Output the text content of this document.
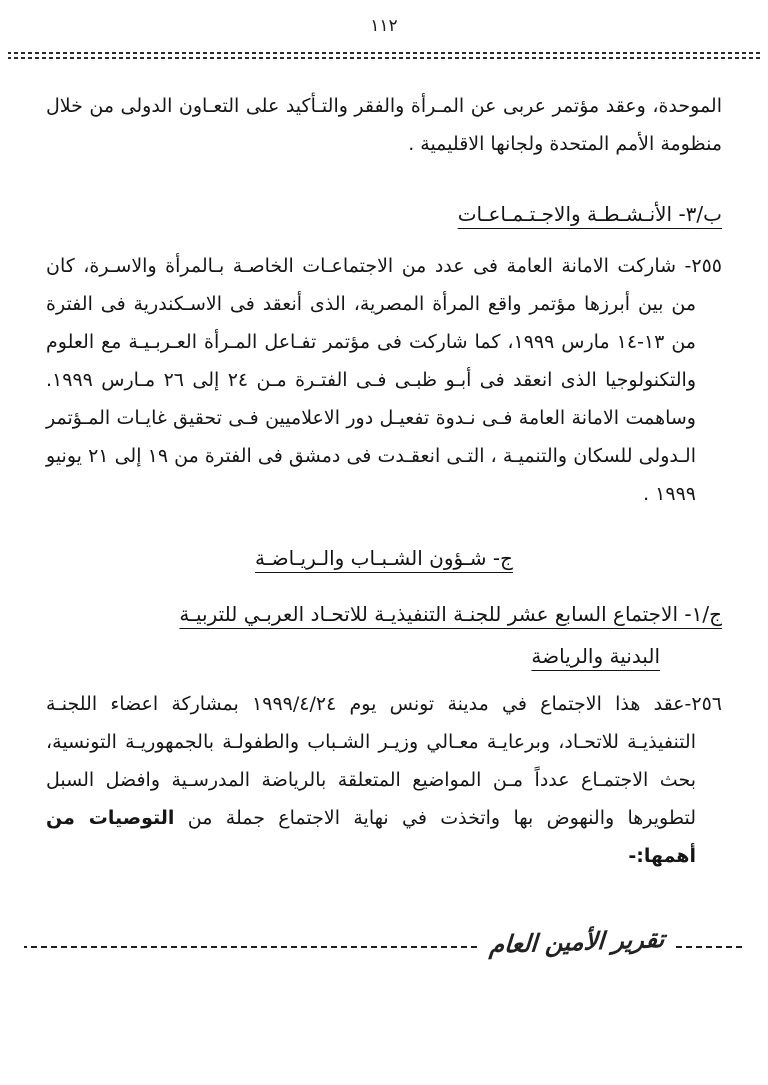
١١٢

الموحدة، وعقد مؤتمر عربى عن المـرأة والفقر والتـأكيد على التعـاون الدولى من خلال منظومة الأمم المتحدة ولجانها الاقليمية .

ب/٣- الأنـشـطـة والاجـتـمـاعـات

٢٥٥- شاركت الامانة العامة فى عدد من الاجتماعـات الخاصـة بـالمرأة والاسـرة، كان من بين أبرزها مؤتمر واقع المرأة المصرية، الذى أنعقد فى الاسـكندرية فى الفترة من ١٣-١٤ مارس ١٩٩٩، كما شاركت فى مؤتمر تفـاعل المـرأة العـربـيـة مع العلوم والتكنولوجيا الذى انعقد فى أبـو ظبـى فـى الفتـرة مـن ٢٤ إلى ٢٦ مـارس ١٩٩٩. وساهمت الامانة العامة فـى نـدوة تفعيـل دور الاعلاميين فـى تحقيق غايـات المـؤتمر الـدولى للسكان والتنميـة ، التـى انعقـدت فى دمشق فى الفترة من ١٩ إلى ٢١ يونيو ١٩٩٩ .

ج- شـؤون الشـبـاب والـريـاضـة
ج/١- الاجتماع السابع عشر للجنـة التنفيذيـة للاتحـاد العربـي للتربيـة
البدنية والرياضة

٢٥٦-عقد هذا الاجتماع في مدينة تونس يوم ١٩٩٩/٤/٢٤ بمشاركة اعضاء اللجنـة التنفيذيـة للاتحـاد، وبرعايـة معـالي وزيـر الشـباب والطفولـة بالجمهوريـة التونسية، بحث الاجتمـاع عدداً مـن المواضيع المتعلقة بالرياضة المدرسـية وافضل السبل لتطويرها والنهوض بها واتخذت في نهاية الاجتماع جملة من التوصيات من أهمها:-

تقرير الأمين العام
